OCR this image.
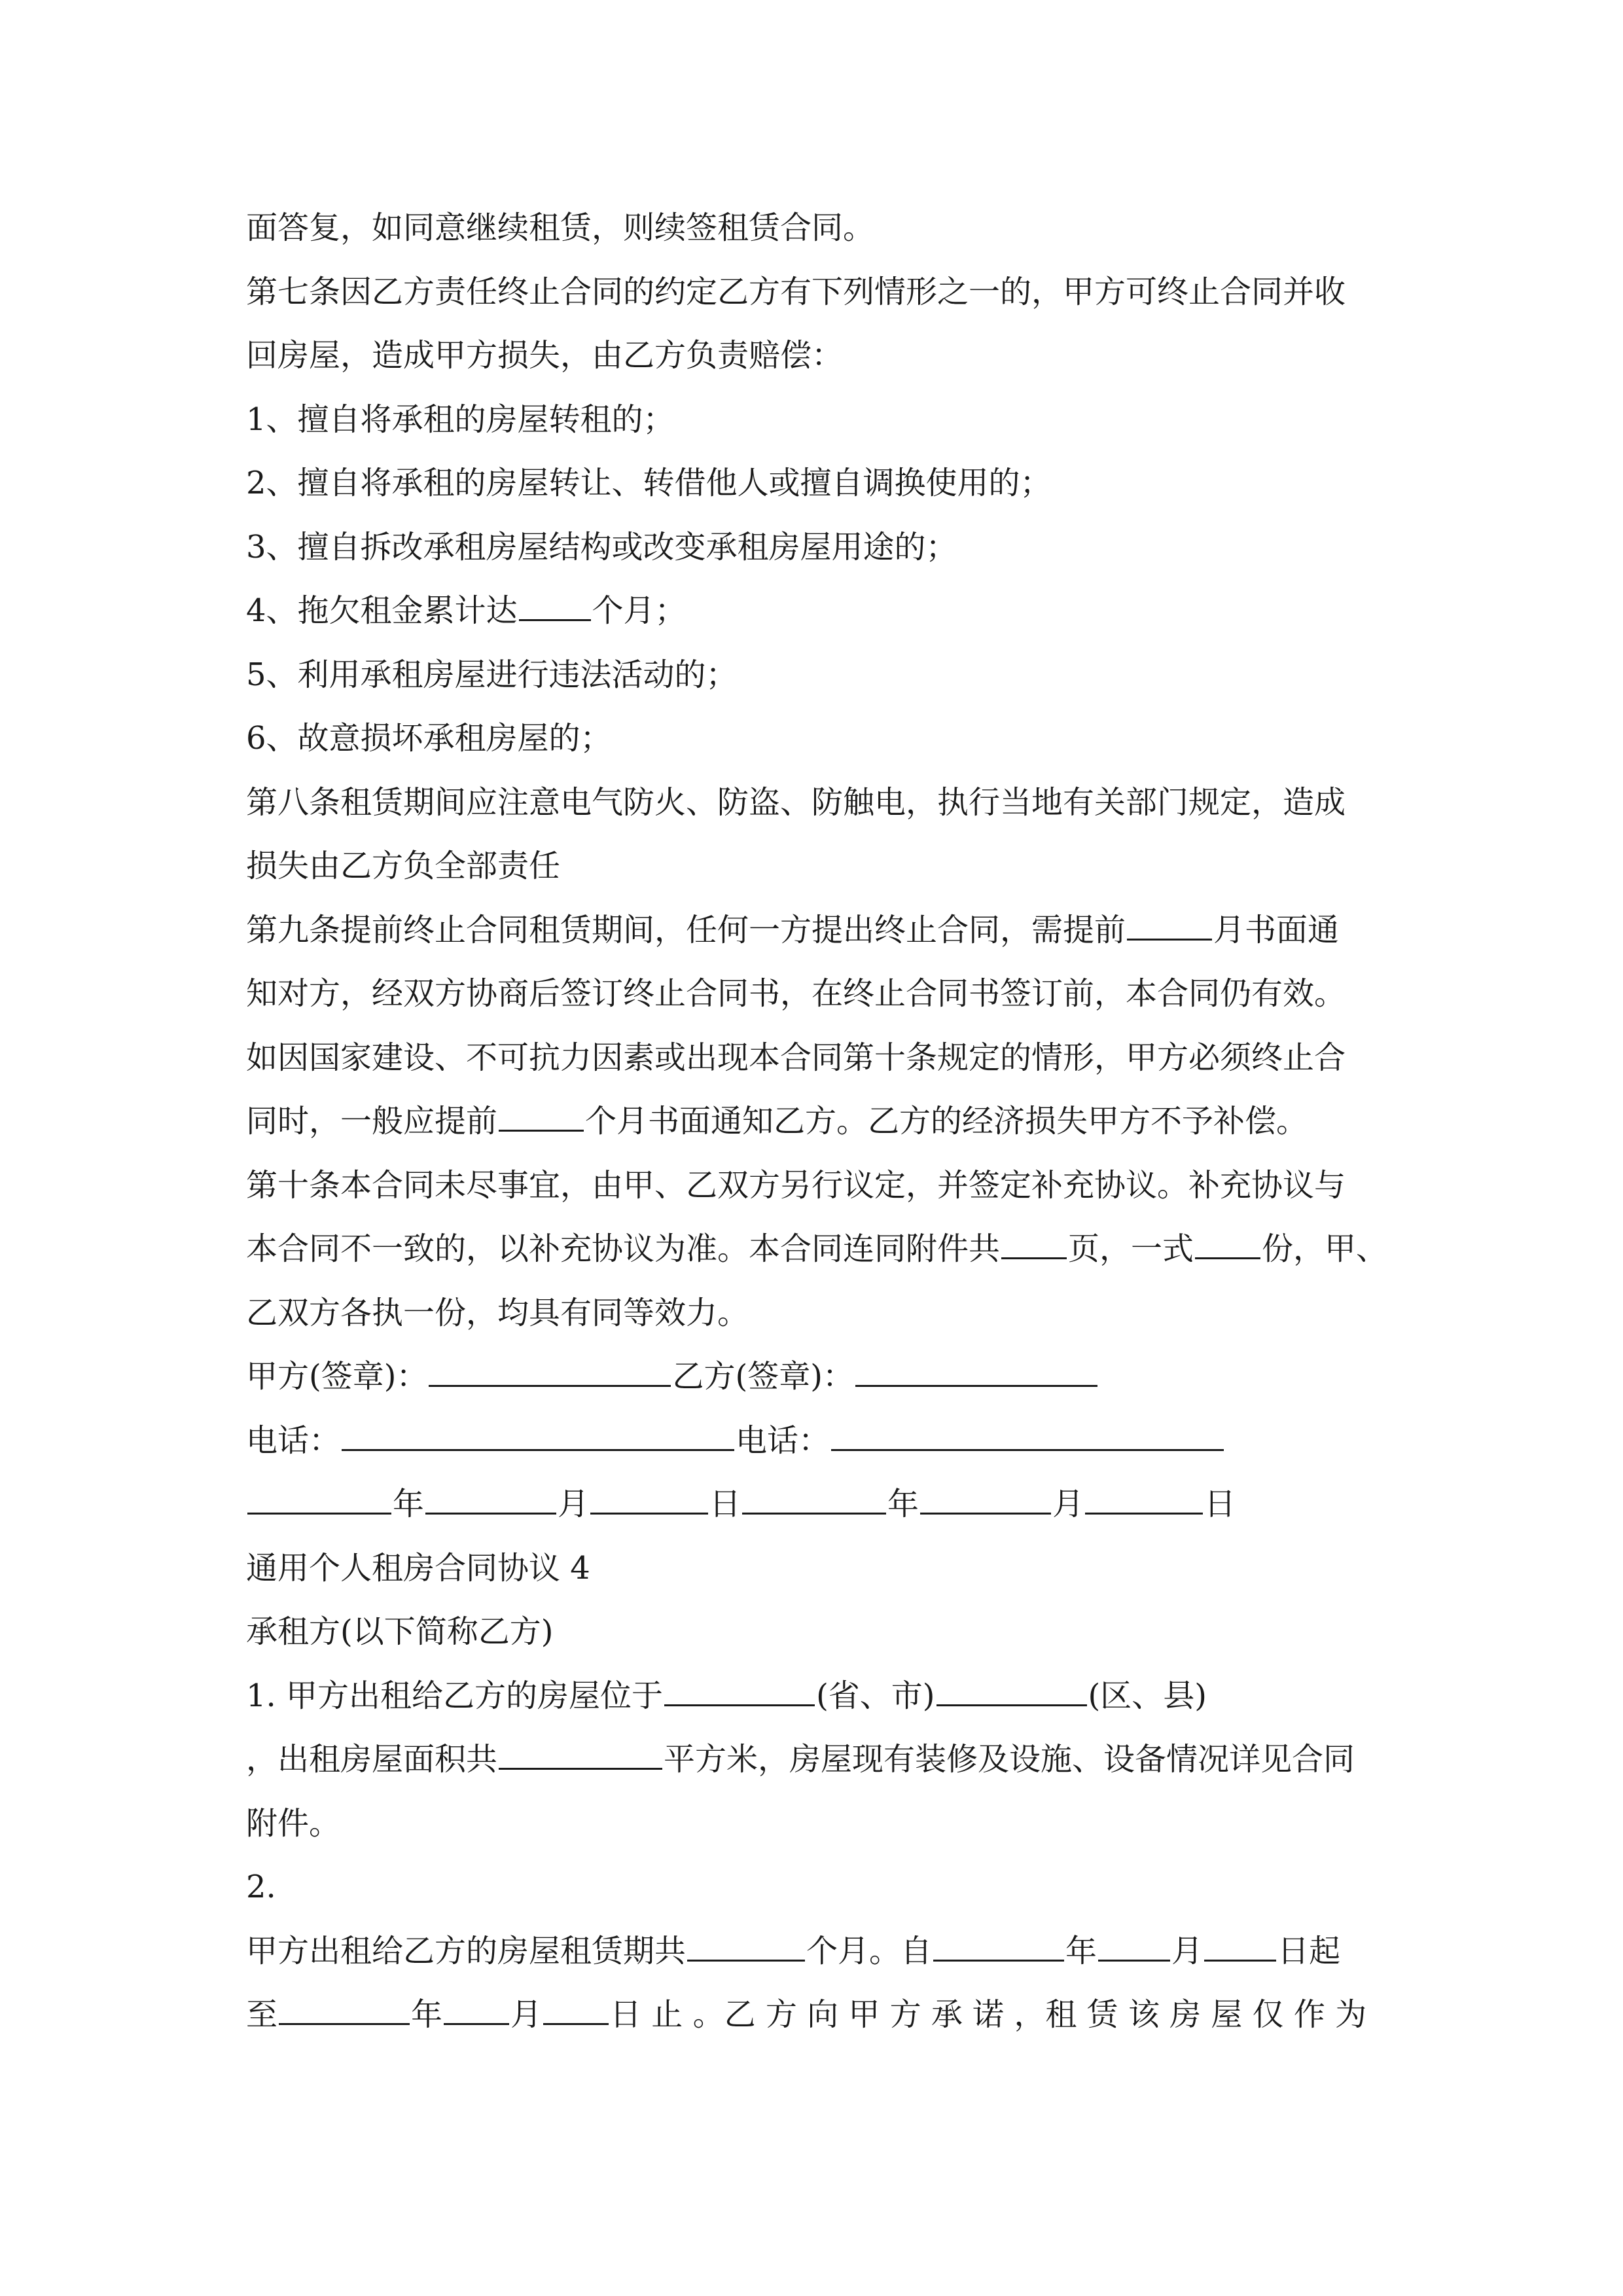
面答复，如同意继续租赁，则续签租赁合同。
第七条因乙方责任终止合同的约定乙方有下列情形之一的，甲方可终止合同并收
回房屋，造成甲方损失，由乙方负责赔偿：
1、擅自将承租的房屋转租的；
2、擅自将承租的房屋转让、转借他人或擅自调换使用的；
3、擅自拆改承租房屋结构或改变承租房屋用途的；
4、拖欠租金累计达 个月；
5、利用承租房屋进行违法活动的；
6、故意损坏承租房屋的；
第八条租赁期间应注意电气防火、防盗、防触电，执行当地有关部门规定，造成
损失由乙方负全部责任
第九条提前终止合同租赁期间，任何一方提出终止合同，需提前	月书面通
知对方，经双方协商后签订终止合同书，在终止合同书签订前，本合同仍有效。
如因国家建设、不可抗力因素或出现本合同第十条规定的情形，甲方必须终止合
同时，一般应提前	个月书面通知乙方。乙方的经济损失甲方不予补偿。
第十条本合同未尽事宜，由甲、乙双方另行议定，并签定补充协议。补充协议与
本合同不一致的，以补充协议为准。本合同连同附件共 页，一式 份，甲、
乙双方各执一份，均具有同等效力。
甲方(签章)：	乙方(签章)：
电话：	电话：
年	月	日	年	月	日
通用个人租房合同协议 4
承租方(以下简称乙方)
1. 甲方出租给乙方的房屋位于	(省、市)	(区、县)
，出租房屋面积共	平方米，房屋现有装修及设施、设备情况详见合同
附件。
2.
甲方出租给乙方的房屋租赁期共	个月。自	年 月 日起
至	年 月 日 止 。乙 方 向 甲 方 承 诺 ，租 赁 该 房 屋 仅 作 为
